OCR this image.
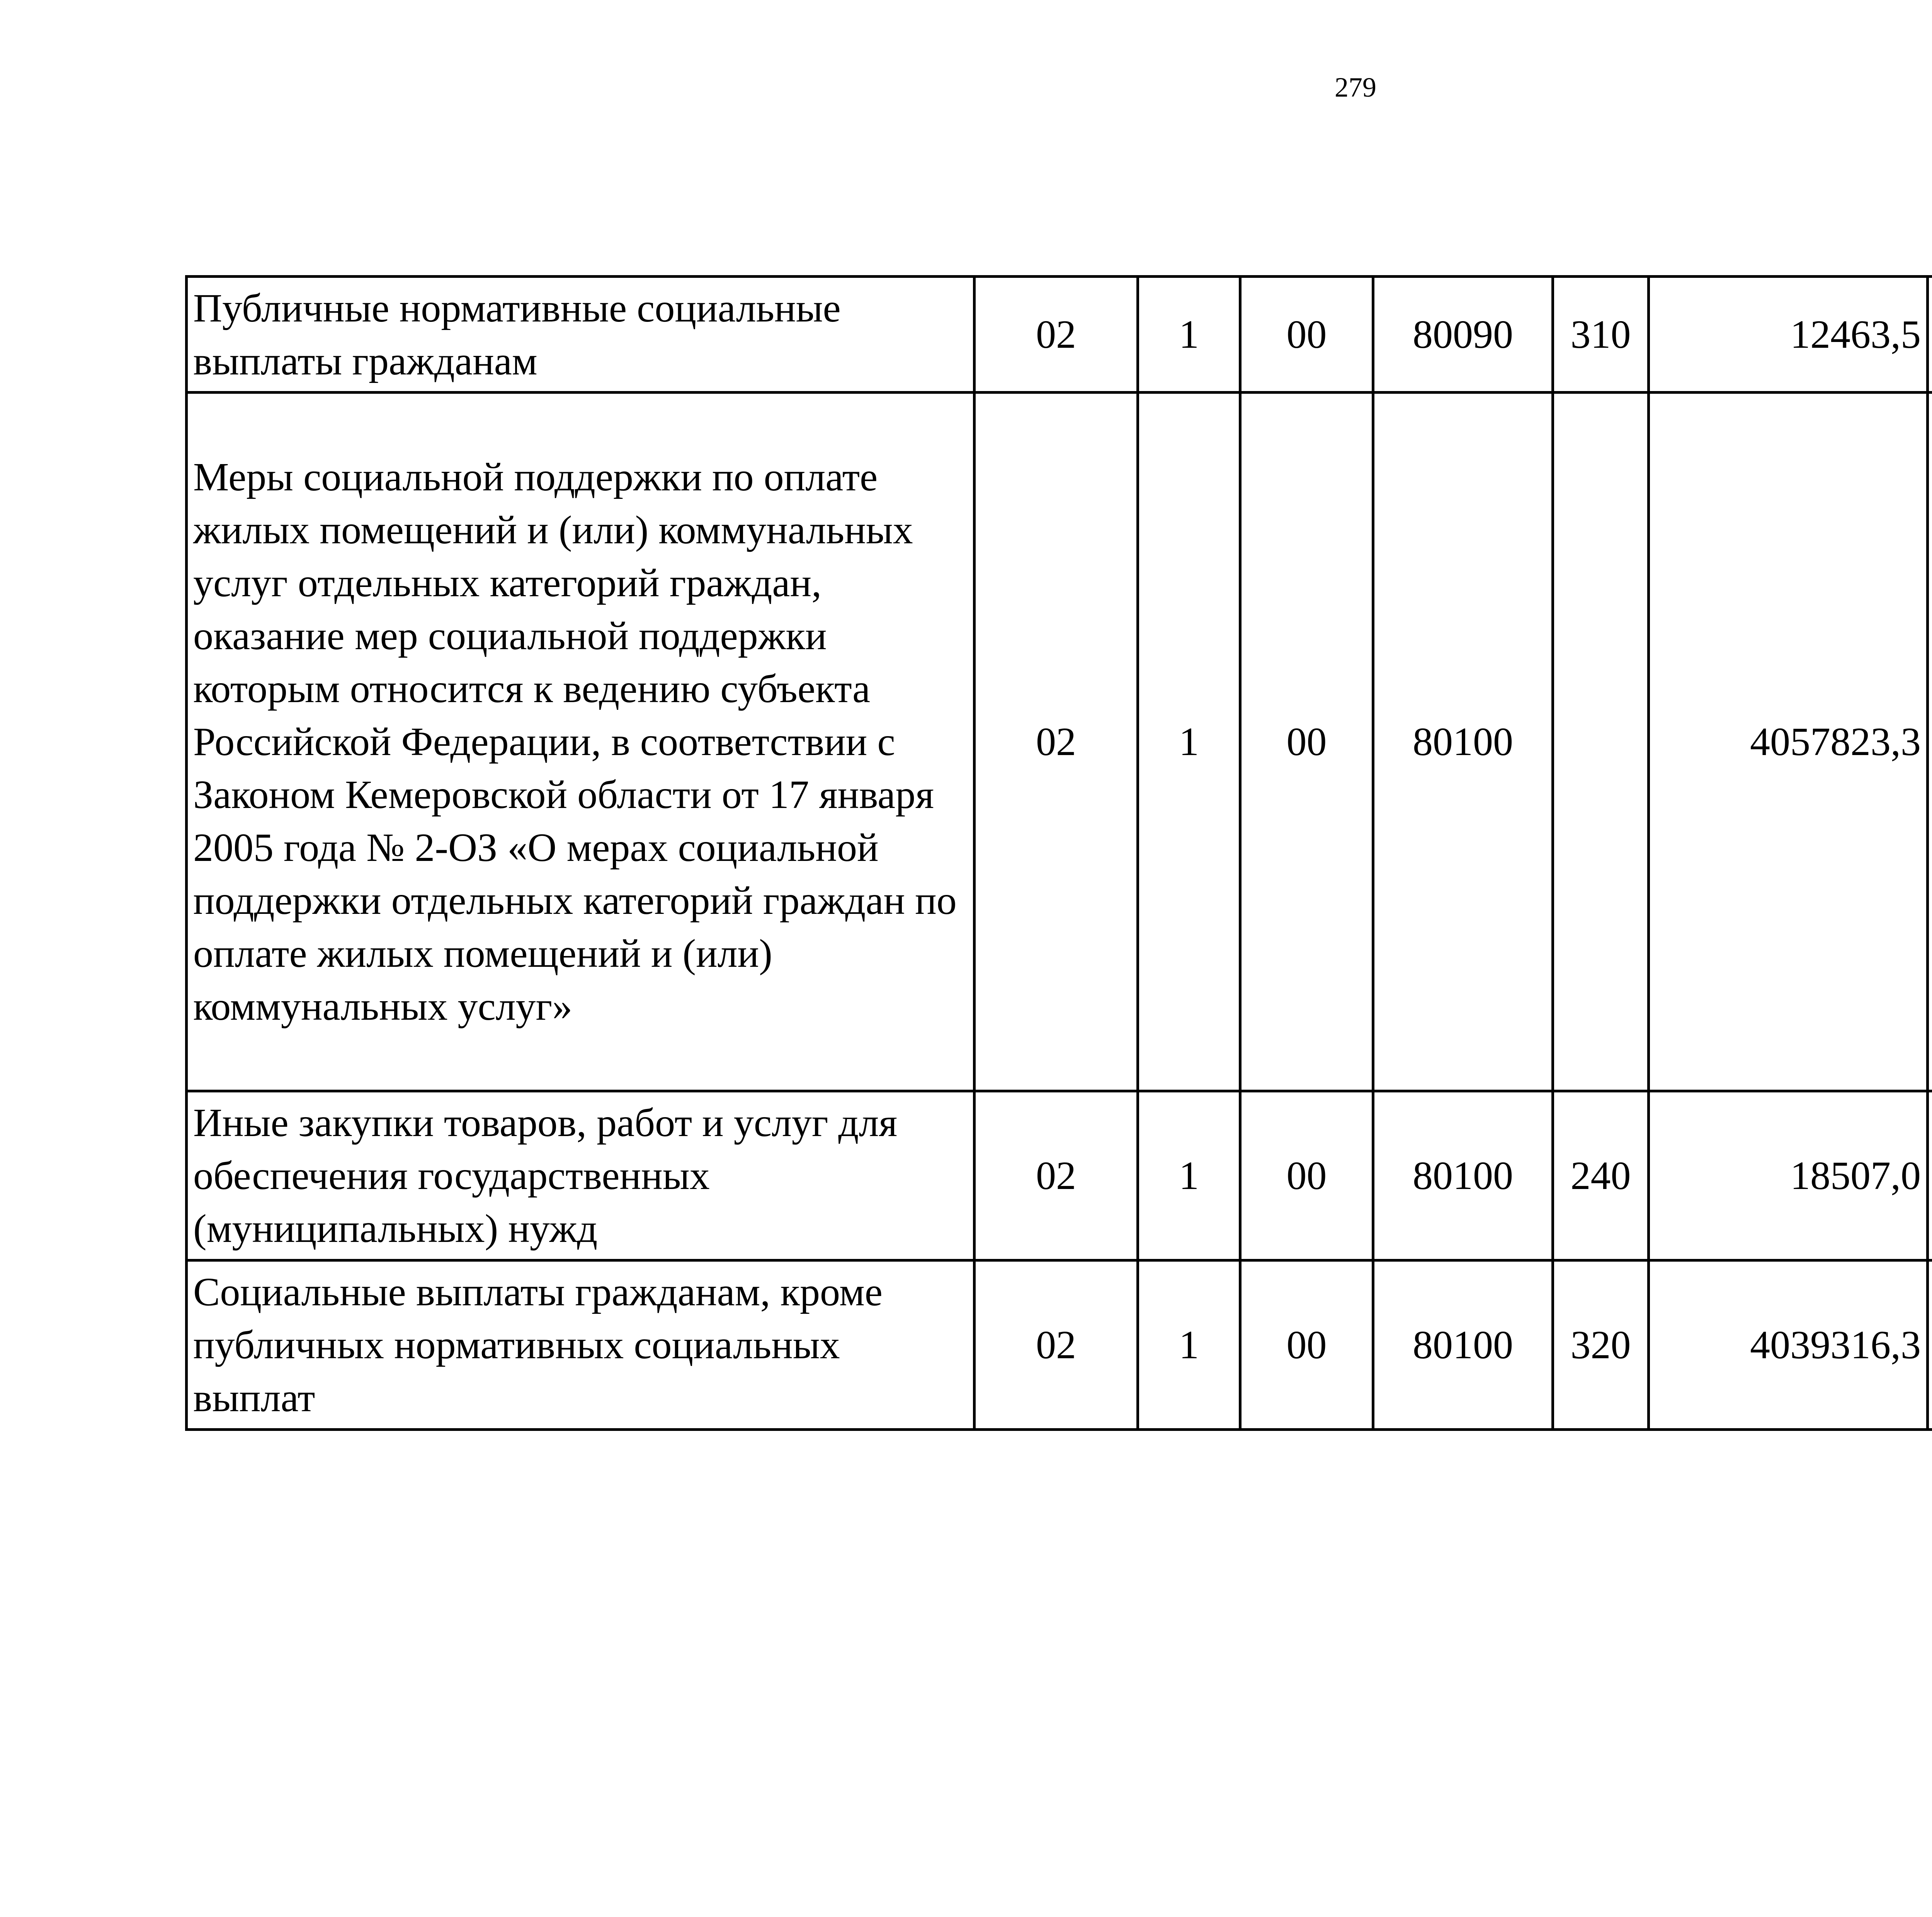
279
Публичные нормативные социальные выплаты гражданам	02	1	00	80090	310	12463,5		
Меры социальной поддержки по оплате жилых помещений и (или) коммунальных услуг отдельных категорий граждан, оказание мер социальной поддержки которым относится к ведению субъекта Российской Федерации, в соответствии с Законом Кемеровской области от 17 января 2005 года № 2-ОЗ «О мерах социальной поддержки отдельных категорий граждан по оплате жилых помещений и (или) коммунальных услуг»	02	1	00	80100		4057823,3		
Иные закупки товаров, работ и услуг для обеспечения государственных (муниципальных) нужд	02	1	00	80100	240	18507,0		
Социальные выплаты гражданам, кроме публичных нормативных социальных выплат	02	1	00	80100	320	4039316,3		
